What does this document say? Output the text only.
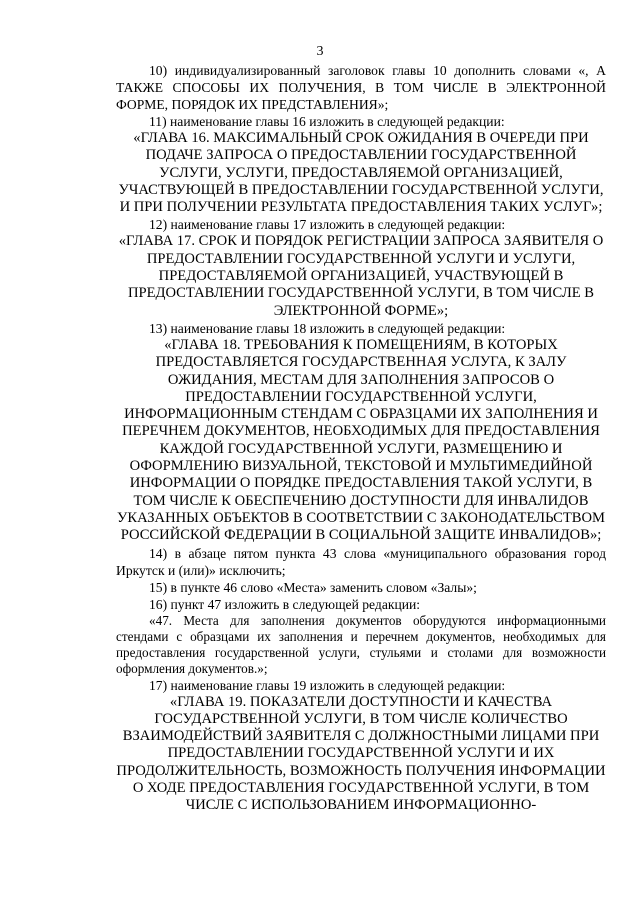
3

10) индивидуализированный заголовок главы 10 дополнить словами «, А ТАКЖЕ СПОСОБЫ ИХ ПОЛУЧЕНИЯ, В ТОМ ЧИСЛЕ В ЭЛЕКТРОННОЙ ФОРМЕ, ПОРЯДОК ИХ ПРЕДСТАВЛЕНИЯ»;

11) наименование главы 16 изложить в следующей редакции:

«ГЛАВА 16. МАКСИМАЛЬНЫЙ СРОК ОЖИДАНИЯ В ОЧЕРЕДИ ПРИ ПОДАЧЕ ЗАПРОСА О ПРЕДОСТАВЛЕНИИ ГОСУДАРСТВЕННОЙ УСЛУГИ, УСЛУГИ, ПРЕДОСТАВЛЯЕМОЙ ОРГАНИЗАЦИЕЙ, УЧАСТВУЮЩЕЙ В ПРЕДОСТАВЛЕНИИ ГОСУДАРСТВЕННОЙ УСЛУГИ, И ПРИ ПОЛУЧЕНИИ РЕЗУЛЬТАТА ПРЕДОСТАВЛЕНИЯ ТАКИХ УСЛУГ»;

12) наименование главы 17 изложить в следующей редакции:

«ГЛАВА 17. СРОК И ПОРЯДОК РЕГИСТРАЦИИ ЗАПРОСА ЗАЯВИТЕЛЯ О ПРЕДОСТАВЛЕНИИ ГОСУДАРСТВЕННОЙ УСЛУГИ И УСЛУГИ, ПРЕДОСТАВЛЯЕМОЙ ОРГАНИЗАЦИЕЙ, УЧАСТВУЮЩЕЙ В ПРЕДОСТАВЛЕНИИ ГОСУДАРСТВЕННОЙ УСЛУГИ, В ТОМ ЧИСЛЕ В ЭЛЕКТРОННОЙ ФОРМЕ»;

13) наименование главы 18 изложить в следующей редакции:

«ГЛАВА 18. ТРЕБОВАНИЯ К ПОМЕЩЕНИЯМ, В КОТОРЫХ ПРЕДОСТАВЛЯЕТСЯ ГОСУДАРСТВЕННАЯ УСЛУГА, К ЗАЛУ ОЖИДАНИЯ, МЕСТАМ ДЛЯ ЗАПОЛНЕНИЯ ЗАПРОСОВ О ПРЕДОСТАВЛЕНИИ ГОСУДАРСТВЕННОЙ УСЛУГИ, ИНФОРМАЦИОННЫМ СТЕНДАМ С ОБРАЗЦАМИ ИХ ЗАПОЛНЕНИЯ И ПЕРЕЧНЕМ ДОКУМЕНТОВ, НЕОБХОДИМЫХ ДЛЯ ПРЕДОСТАВЛЕНИЯ КАЖДОЙ ГОСУДАРСТВЕННОЙ УСЛУГИ, РАЗМЕЩЕНИЮ И ОФОРМЛЕНИЮ ВИЗУАЛЬНОЙ, ТЕКСТОВОЙ И МУЛЬТИМЕДИЙНОЙ ИНФОРМАЦИИ О ПОРЯДКЕ ПРЕДОСТАВЛЕНИЯ ТАКОЙ УСЛУГИ, В ТОМ ЧИСЛЕ К ОБЕСПЕЧЕНИЮ ДОСТУПНОСТИ ДЛЯ ИНВАЛИДОВ УКАЗАННЫХ ОБЪЕКТОВ В СООТВЕТСТВИИ С ЗАКОНОДАТЕЛЬСТВОМ РОССИЙСКОЙ ФЕДЕРАЦИИ В СОЦИАЛЬНОЙ ЗАЩИТЕ ИНВАЛИДОВ»;

14) в абзаце пятом пункта 43 слова «муниципального образования город Иркутск и (или)» исключить;

15) в пункте 46 слово «Места» заменить словом «Залы»;

16) пункт 47 изложить в следующей редакции:

«47. Места для заполнения документов оборудуются информационными стендами с образцами их заполнения и перечнем документов, необходимых для предоставления государственной услуги, стульями и столами для возможности оформления документов.»;

17) наименование главы 19 изложить в следующей редакции:

«ГЛАВА 19. ПОКАЗАТЕЛИ ДОСТУПНОСТИ И КАЧЕСТВА ГОСУДАРСТВЕННОЙ УСЛУГИ, В ТОМ ЧИСЛЕ КОЛИЧЕСТВО ВЗАИМОДЕЙСТВИЙ ЗАЯВИТЕЛЯ С ДОЛЖНОСТНЫМИ ЛИЦАМИ ПРИ ПРЕДОСТАВЛЕНИИ ГОСУДАРСТВЕННОЙ УСЛУГИ И ИХ ПРОДОЛЖИТЕЛЬНОСТЬ, ВОЗМОЖНОСТЬ ПОЛУЧЕНИЯ ИНФОРМАЦИИ О ХОДЕ ПРЕДОСТАВЛЕНИЯ ГОСУДАРСТВЕННОЙ УСЛУГИ, В ТОМ ЧИСЛЕ С ИСПОЛЬЗОВАНИЕМ ИНФОРМАЦИОННО-
